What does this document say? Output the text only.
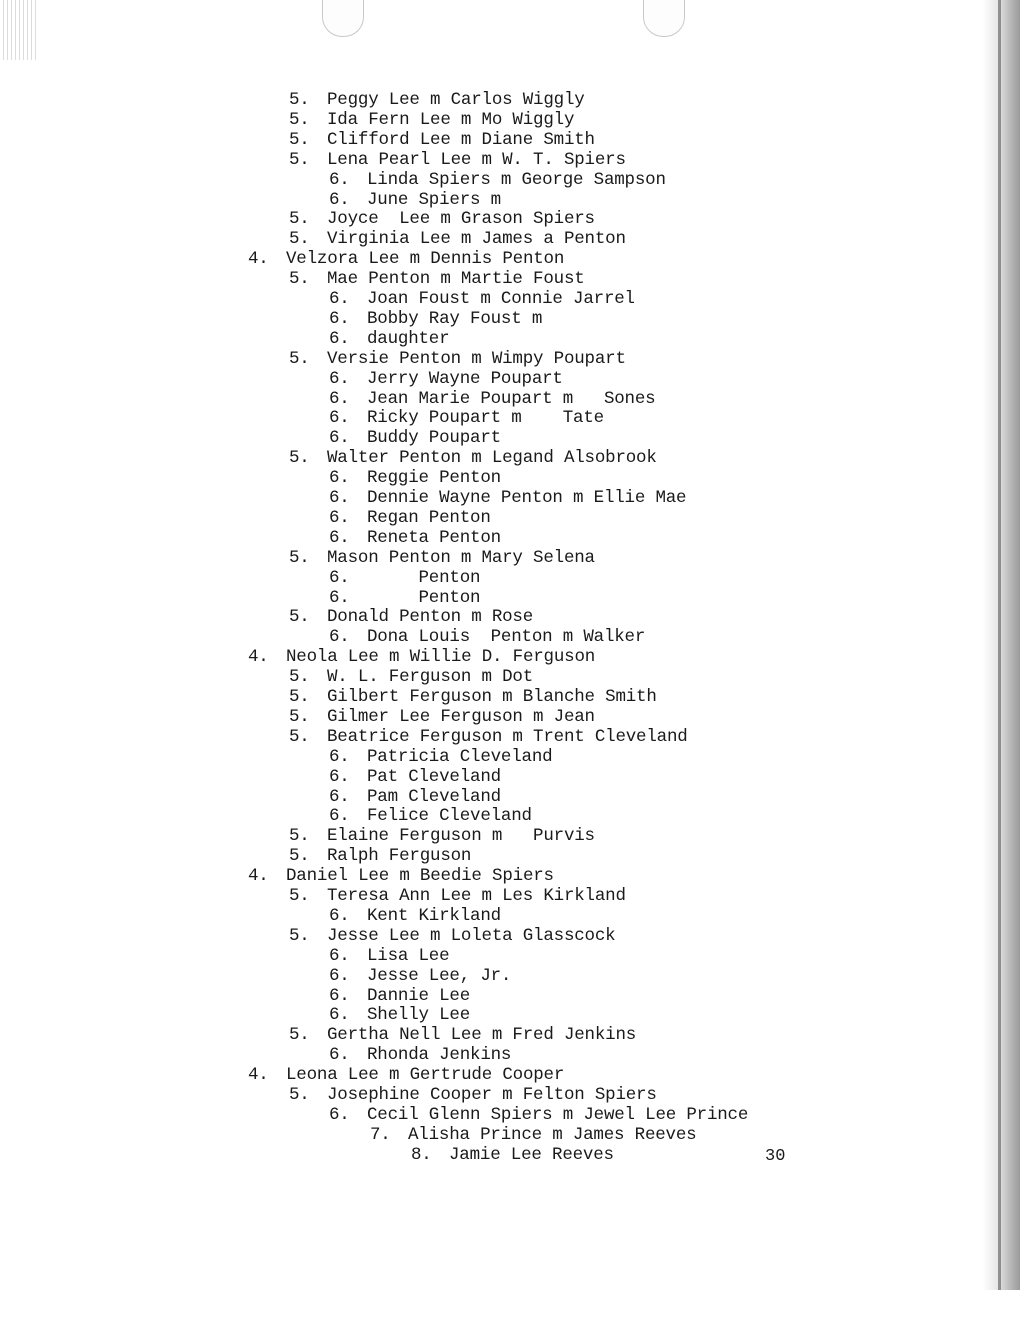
5. Peggy Lee m Carlos Wiggly
5. Ida Fern Lee m Mo Wiggly
5. Clifford Lee m Diane Smith
5. Lena Pearl Lee m W. T. Spiers
6. Linda Spiers m George Sampson
6. June Spiers m
5. Joyce  Lee m Grason Spiers
5. Virginia Lee m James a Penton
4. Velzora Lee m Dennis Penton
5. Mae Penton m Martie Foust
6. Joan Foust m Connie Jarrel
6. Bobby Ray Foust m
6. daughter
5. Versie Penton m Wimpy Poupart
6. Jerry Wayne Poupart
6. Jean Marie Poupart m   Sones
6. Ricky Poupart m    Tate
6. Buddy Poupart
5. Walter Penton m Legand Alsobrook
6. Reggie Penton
6. Dennie Wayne Penton m Ellie Mae
6. Regan Penton
6. Reneta Penton
5. Mason Penton m Mary Selena
6.     Penton
6.     Penton
5. Donald Penton m Rose
6. Dona Louis  Penton m Walker
4. Neola Lee m Willie D. Ferguson
5. W. L. Ferguson m Dot
5. Gilbert Ferguson m Blanche Smith
5. Gilmer Lee Ferguson m Jean
5. Beatrice Ferguson m Trent Cleveland
6. Patricia Cleveland
6. Pat Cleveland
6. Pam Cleveland
6. Felice Cleveland
5. Elaine Ferguson m   Purvis
5. Ralph Ferguson
4. Daniel Lee m Beedie Spiers
5. Teresa Ann Lee m Les Kirkland
6. Kent Kirkland
5. Jesse Lee m Loleta Glasscock
6. Lisa Lee
6. Jesse Lee, Jr.
6. Dannie Lee
6. Shelly Lee
5. Gertha Nell Lee m Fred Jenkins
6. Rhonda Jenkins
4. Leona Lee m Gertrude Cooper
5. Josephine Cooper m Felton Spiers
6. Cecil Glenn Spiers m Jewel Lee Prince
7. Alisha Prince m James Reeves
8. Jamie Lee Reeves	30
